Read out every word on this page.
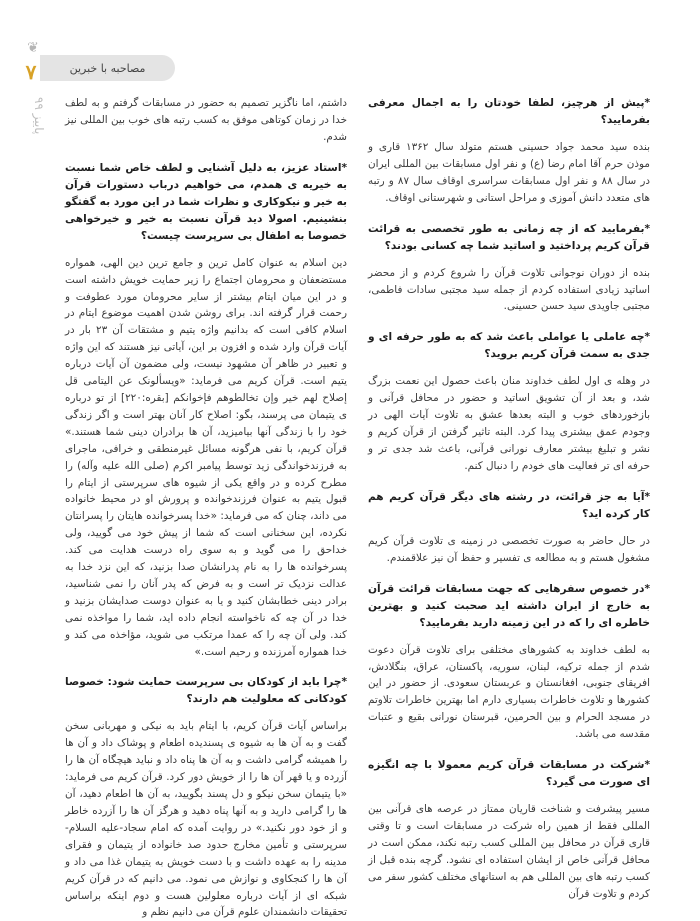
❦
۷
پاییز ۹۹
مصاحبه با خبرین

*پیش از هرچیز، لطفا خودتان را به اجمال معرفی بفرمایید؟

بنده سید محمد جواد حسینی هستم متولد سال ۱۳۶۲ قاری و موذن حرم آقا امام رضا (ع) و نفر اول مسابقات بین المللی ایران در سال ۸۸ و نفر اول مسابقات سراسری اوقاف سال ۸۷ و رتبه های متعدد دانش آموزی و مراحل استانی و شهرستانی اوقاف.

*بفرمایید که از چه زمانی به طور تخصصی به قرائت قرآن کریم پرداختید و اساتید شما چه کسانی بودند؟

بنده از دوران نوجوانی تلاوت قرآن را شروع کردم و از محضر اساتید زیادی استفاده کردم از جمله سید مجتبی سادات فاطمی، مجتبی جاویدی سید حسن حسینی.

*چه عاملی یا عواملی باعث شد که به طور حرفه ای و جدی به سمت قرآن کریم بروید؟

در وهله ی اول لطف خداوند منان باعث حصول این نعمت بزرگ شد، و بعد از آن تشویق اساتید و حضور در محافل قرآنی و بازخوردهای خوب و البته بعدها عشق به تلاوت آیات الهی در وجودم عمق بیشتری پیدا کرد. البته تاثیر گرفتن از قرآن کریم و نشر و تبلیغ بیشتر معارف نورانی قرآنی، باعث شد جدی تر و حرفه ای تر فعالیت های خودم را دنبال کنم.

*آیا به جز قرائت، در رشته های دیگر قرآن کریم هم کار کرده اید؟

در حال حاضر به صورت تخصصی در زمینه ی تلاوت قرآن کریم مشغول هستم و به مطالعه ی تفسیر و حفظ آن نیز علاقمندم.

*در خصوص سفرهایی که جهت مسابقات قرائت قرآن به خارج از ایران داشته اید صحبت کنید و بهترین خاطره ای را که در این زمینه دارید بفرمایید؟

به لطف خداوند به کشورهای مختلفی برای تلاوت قرآن دعوت شدم از جمله ترکیه، لبنان، سوریه، پاکستان، عراق، بنگلادش، افریقای جنوبی، افغانستان و عربستان سعودی. از حضور در این کشورها و تلاوت خاطرات بسیاری دارم اما بهترین خاطرات تلاوتم در مسجد الحرام و بین الحرمین، قبرستان نورانی بقیع و عتبات مقدسه می باشد.

*شرکت در مسابقات قرآن کریم معمولا با چه انگیزه ای صورت می گیرد؟

مسیر پیشرفت و شناخت قاریان ممتاز در عرصه های قرآنی بین المللی فقط از همین راه شرکت در مسابقات است و تا وقتی قاری قرآن در محافل بین المللی کسب رتبه نکند، ممکن است در محافل قرآنی خاص از ایشان استفاده ای نشود. گرچه بنده قبل از کسب رتبه های بین المللی هم به استانهای مختلف کشور سفر می کردم و تلاوت قرآن

داشتم، اما ناگزیر تصمیم به حضور در مسابقات گرفتم و به لطف خدا در زمان کوتاهی موفق به کسب رتبه های خوب بین المللی نیز شدم.

*استاد عزیز، به دلیل آشنایی و لطف خاص شما نسبت به خیریه ی همدم، می خواهیم درباب دستورات قرآن به خیر و نیکوکاری و نظرات شما در این مورد به گفتگو بنشینیم. اصولا دید قرآن نسبت به خیر و خیرخواهی خصوصا به اطفال بی سرپرست چیست؟

دین اسلام به عنوان کامل ترین و جامع ترین دین الهی، همواره مستضعفان و محرومان اجتماع را زیر حمایت خویش داشته است و در این میان ایتام بیشتر از سایر محرومان مورد عطوفت و رحمت قرار گرفته اند. برای روشن شدن اهمیت موضوع ایتام در اسلام کافی است که بدانیم واژه یتیم و مشتقات آن ۲۳ بار در آیات قرآن وارد شده و افزون بر این، آیاتی نیز هستند که این واژه و تعبیر در ظاهر آن مشهود نیست، ولی مضمون آن آیات درباره یتیم است. قرآن کریم می فرماید: «ویسألونک عن الیتامی قل إصلاح لهم خیر وإن تخالطوهم فإخوانکم [بقره:۲۲۰] از تو درباره ی یتیمان می پرسند، بگو: اصلاح کار آنان بهتر است و اگر زندگی خود را با زندگی آنها بیامیزید، آن ها برادران دینی شما هستند.» قرآن کریم، با نفی هرگونه مسائل غیرمنطقی و خرافی، ماجرای به فرزندخواندگی زید توسط پیامبر اکرم (صلی الله علیه وآله) را مطرح کرده و در واقع یکی از شیوه های سرپرستی از ایتام را قبول یتیم به عنوان فرزندخوانده و پرورش او در محیط خانواده می داند، چنان که می فرماید: «خدا پسرخوانده هایتان را پسرانتان نکرده، این سخنانی است که شما از پیش خود می گویید، ولی خداحق را می گوید و به سوی راه درست هدایت می کند. پسرخوانده ها را به نام پدرانشان صدا بزنید، که این نزد خدا به عدالت نزدیک تر است و به فرض که پدر آنان را نمی شناسید، برادر دینی خطابشان کنید و یا به عنوان دوست صدایشان بزنید و خدا در آن چه که ناخواسته انجام داده اید، شما را مواخذه نمی کند. ولی آن چه را که عمدا مرتکب می شوید، مؤاخذه می کند و خدا همواره آمرزنده و رحیم است.»

*چرا باید از کودکان بی سرپرست حمایت شود: خصوصا کودکانی که معلولیت هم دارند؟

براساس آیات قرآن کریم، با ایتام باید به نیکی و مهربانی سخن گفت و به آن ها به شیوه ی پسندیده اطعام و پوشاک داد و آن ها را همیشه گرامی داشت و به آن ها پناه داد و نباید هیچگاه آن ها را آزرده و یا قهر آن ها را از خویش دور کرد. قرآن کریم می فرماید: «با یتیمان سخن نیکو و دل پسند بگویید، به آن ها اطعام دهید، آن ها را گرامی دارید و به آنها پناه دهید و هرگز آن ها را آزرده خاطر و از خود دور نکنید.» در روایت آمده که امام سجاد-علیه السلام- سرپرستی و تأمین مخارج حدود صد خانواده از یتیمان و فقرای مدینه را به عهده داشت و با دست خویش به یتیمان غذا می داد و آن ها را کنجکاوی و نوازش می نمود. می دانیم که در قرآن کریم شبکه ای از آیات درباره معلولین هست و دوم اینکه براساس تحقیقات دانشمندان علوم قرآن می دانیم نظم و
